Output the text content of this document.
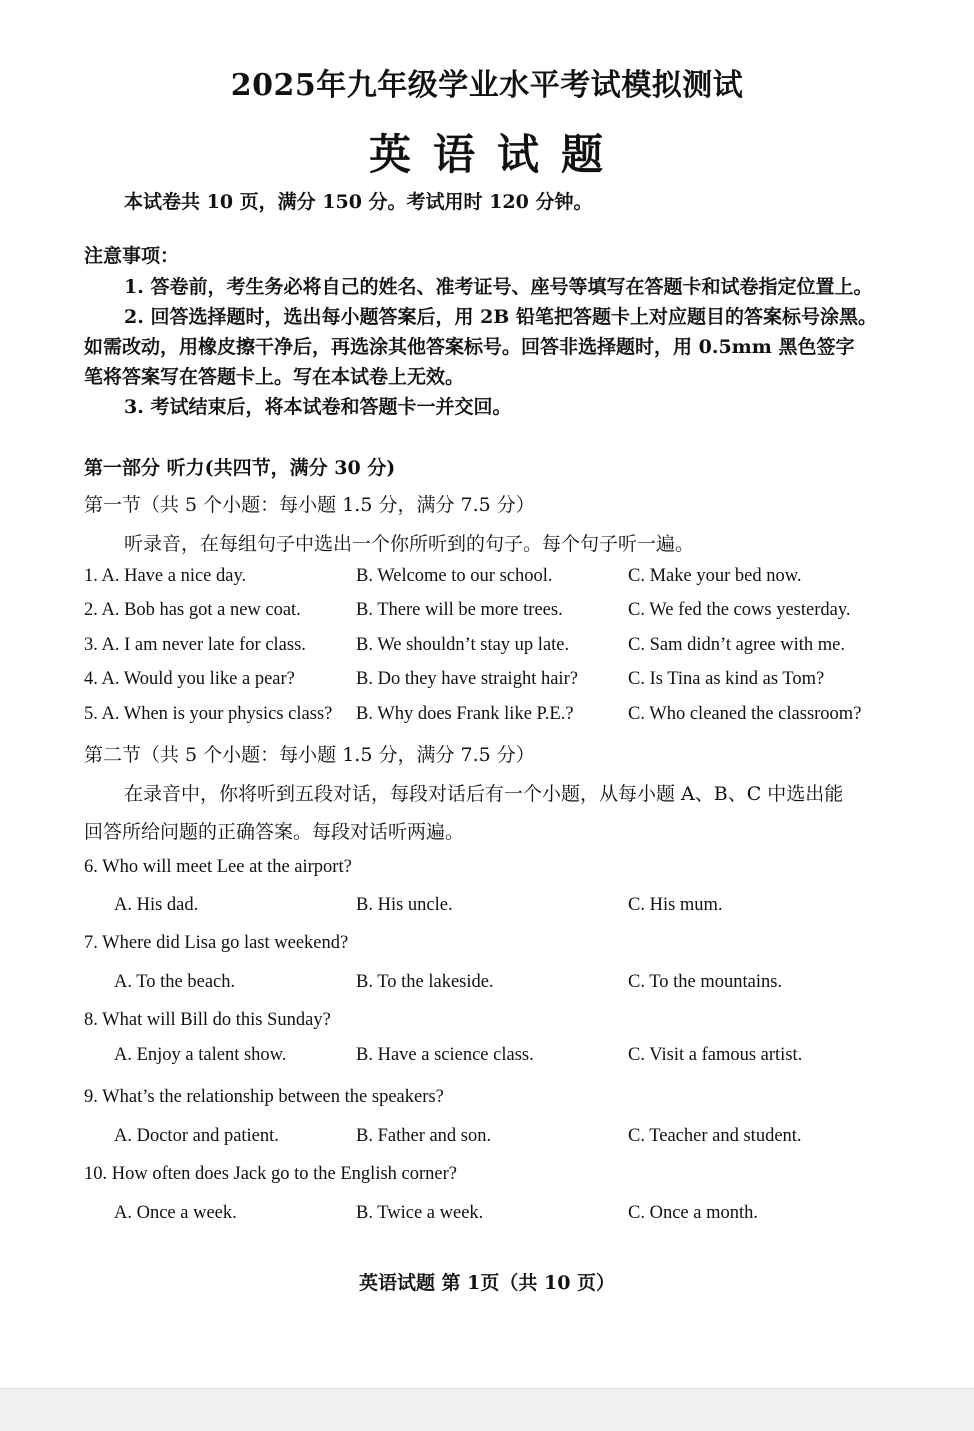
2025年九年级学业水平考试模拟测试
英语试题
本试卷共 10 页，满分 150 分。考试用时 120 分钟。
注意事项：
1. 答卷前，考生务必将自己的姓名、准考证号、座号等填写在答题卡和试卷指定位置上。
2. 回答选择题时，选出每小题答案后，用 2B 铅笔把答题卡上对应题目的答案标号涂黑。
如需改动，用橡皮擦干净后，再选涂其他答案标号。回答非选择题时，用 0.5mm 黑色签字
笔将答案写在答题卡上。写在本试卷上无效。
3. 考试结束后，将本试卷和答题卡一并交回。
第一部分 听力(共四节，满分 30 分)
第一节（共 5 个小题：每小题 1.5 分，满分 7.5 分）
听录音，在每组句子中选出一个你所听到的句子。每个句子听一遍。
1. A. Have a nice day.	B. Welcome to our school.	C. Make your bed now.
2. A. Bob has got a new coat.	B. There will be more trees.	C. We fed the cows yesterday.
3. A. I am never late for class.	B. We shouldn’t stay up late.	C. Sam didn’t agree with me.
4. A. Would you like a pear?	B. Do they have straight hair?	C. Is Tina as kind as Tom?
5. A. When is your physics class? B. Why does Frank like P.E.?	C. Who cleaned the classroom?
第二节（共 5 个小题：每小题 1.5 分，满分 7.5 分）
在录音中，你将听到五段对话，每段对话后有一个小题，从每小题 A、B、C 中选出能
回答所给问题的正确答案。每段对话听两遍。
6. Who will meet Lee at the airport?
A. His dad.	B. His uncle.	C. His mum.
7. Where did Lisa go last weekend?
A. To the beach.	B. To the lakeside.	C. To the mountains.
8. What will Bill do this Sunday?
A. Enjoy a talent show.	B. Have a science class.	C. Visit a famous artist.
9. What’s the relationship between the speakers?
A. Doctor and patient.	B. Father and son.	C. Teacher and student.
10. How often does Jack go to the English corner?
A. Once a week.	B. Twice a week.	C. Once a month.
英语试题 第 1页（共 10 页）
